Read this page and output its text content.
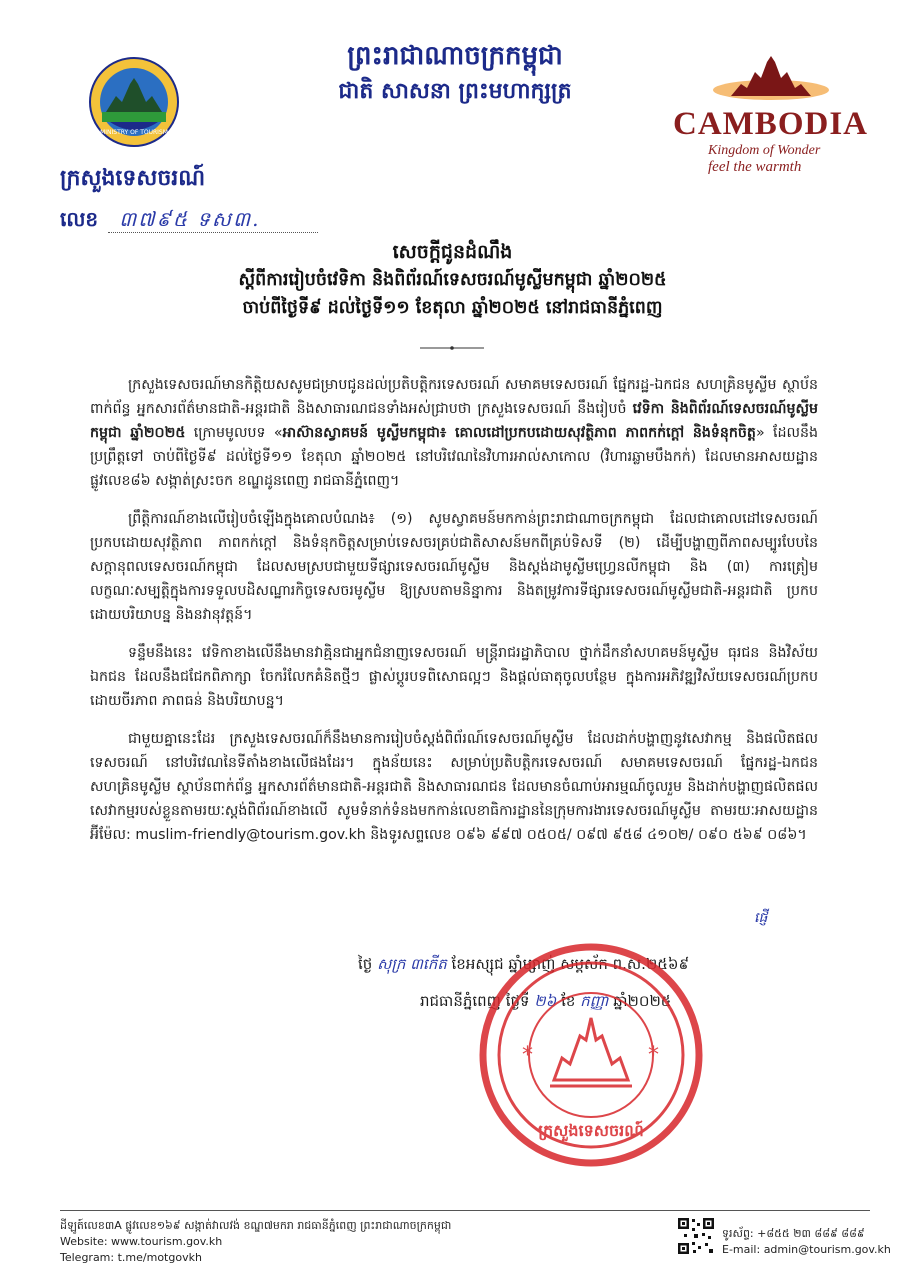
ព្រះរាជាណាចក្រកម្ពុជា
ជាតិ សាសនា ព្រះមហាក្សត្រ
MINISTRY OF TOURISM	CAMBODIA
Kingdom of Wonder
feel the warmth
ក្រសួងទេសចរណ៍
លេខ ៣៧៩៥ ទស៣.
សេចក្តីជូនដំណឹង
ស្តីពីការរៀបចំវេទិកា និងពិព័រណ៍ទេសចរណ៍មូស្លីមកម្ពុជា ឆ្នាំ២០២៥
ចាប់ពីថ្ងៃទី៩ ដល់ថ្ងៃទី១១ ខែតុលា ឆ្នាំ២០២៥ នៅរាជធានីភ្នំពេញ

ក្រសួងទេសចរណ៍មានកិត្តិយសសូមជម្រាបជូនដល់ប្រតិបត្តិករទេសចរណ៍ សមាគមទេសចរណ៍ ផ្នែករដ្ឋ-ឯកជន សហគ្រិនមូស្លីម ស្ថាប័នពាក់ព័ន្ធ អ្នកសារព័ត៌មានជាតិ-អន្តរជាតិ និងសាធារណជនទាំងអស់ជ្រាបថា ក្រសួងទេសចរណ៍ នឹងរៀបចំ វេទិកា និងពិព័រណ៍ទេសចរណ៍មូស្លីមកម្ពុជា ឆ្នាំ២០២៥ ក្រោមមូលបទ «អាស៊ានស្វាគមន៍ មូស្លីមកម្ពុជា៖ គោលដៅប្រកបដោយសុវត្ថិភាព ភាពកក់ក្តៅ និងទំនុកចិត្ត» ដែលនឹងប្រព្រឹត្តទៅ ចាប់ពីថ្ងៃទី៩ ដល់ថ្ងៃទី១១ ខែតុលា ឆ្នាំ២០២៥ នៅបរិវេណនៃវិហារអាល់សាកោល (វិហារឆ្លាមបឹងកក់) ដែលមានអាសយដ្ឋានផ្លូវលេខ៨៦ សង្កាត់ស្រះចក ខណ្ឌដូនពេញ រាជធានីភ្នំពេញ។

ព្រឹត្តិការណ៍ខាងលើរៀបចំឡើងក្នុងគោលបំណង៖ (១) សូមស្វាគមន៍មកកាន់ព្រះរាជាណាចក្រកម្ពុជា ដែលជាគោលដៅទេសចរណ៍ ប្រកបដោយសុវត្ថិភាព ភាពកក់ក្តៅ និងទំនុកចិត្តសម្រាប់ទេសចរគ្រប់ជាតិសាសន៍មកពីគ្រប់ទិសទី (២) ដើម្បីបង្ហាញពីភាពសម្បូរបែបនៃសក្តានុពលទេសចរណ៍កម្ពុជា ដែលសមស្របជាមួយទីផ្សារទេសចរណ៍មូស្លីម និងស្តង់ដាមូស្លីមហ្វ្រេនលីកម្ពុជា និង (៣) ការត្រៀមលក្ខណៈសម្បត្តិក្នុងការទទួលបដិសណ្ឋារកិច្ចទេសចរមូស្លីម ឱ្យស្របតាមនិន្នាការ និងតម្រូវការទីផ្សារទេសចរណ៍មូស្លីមជាតិ-អន្តរជាតិ ប្រកបដោយបរិយាបន្ន និងនវានុវត្តន៍។

ទន្ទឹមនឹងនេះ វេទិកាខាងលើនឹងមានវាគ្មិនជាអ្នកជំនាញទេសចរណ៍ មន្ត្រីរាជរដ្ឋាភិបាល ថ្នាក់ដឹកនាំសហគមន៍មូស្លីម ធុរជន និងវិស័យឯកជន ដែលនឹងជជែកពិភាក្សា ចែករំលែកគំនិតថ្មីៗ ផ្លាស់ប្តូរបទពិសោធល្អៗ និងផ្តល់ធាតុចូលបន្ថែម ក្នុងការអភិវឌ្ឍវិស័យទេសចរណ៍ប្រកបដោយចីរភាព ភាពធន់ និងបរិយាបន្ន។

ជាមួយគ្នានេះដែរ ក្រសួងទេសចរណ៍ក៏នឹងមានការរៀបចំស្តង់ពិព័រណ៍ទេសចរណ៍មូស្លីម ដែលដាក់បង្ហាញនូវសេវាកម្ម និងផលិតផលទេសចរណ៍ នៅបរិវេណនៃទីតាំងខាងលើផងដែរ។ ក្នុងន័យនេះ សម្រាប់ប្រតិបត្តិករទេសចរណ៍ សមាគមទេសចរណ៍ ផ្នែករដ្ឋ-ឯកជន សហគ្រិនមូស្លីម ស្ថាប័នពាក់ព័ន្ធ អ្នកសារព័ត៌មានជាតិ-អន្តរជាតិ និងសាធារណជន ដែលមានចំណាប់អារម្មណ៍ចូលរួម និងដាក់បង្ហាញផលិតផល សេវាកម្មរបស់ខ្លួនតាមរយៈស្តង់ពិព័រណ៍ខាងលើ សូមទំនាក់ទំនងមកកាន់លេខាធិការដ្ឋាននៃក្រុមការងារទេសចរណ៍មូស្លីម តាមរយៈអាសយដ្ឋានអ៊ីម៉ែល: muslim-friendly@tourism.gov.kh និងទូរសព្ទលេខ ០៩៦ ៩៩៧ ០៥០៥/ ០៩៧ ៩៥៨ ៤១០២/ ០៩០ ៥៦៩ ០៨៦។

ផ្ញើ
ថ្ងៃ សុក្រ ៣កើត ខែអស្សុជ ឆ្នាំម្សាញ់ សប្តស័ក ព.ស.២៥៦៩
រាជធានីភ្នំពេញ ថ្ងៃទី ២៦ ខែ កញ្ញា ឆ្នាំ២០២៥
*	*
ក្រសួងទេសចរណ៍
ដីឡូត៍លេខ៣A ផ្លូវលេខ១៦៩ សង្កាត់វាលវង់ ខណ្ឌ៧មករា រាជធានីភ្នំពេញ ព្រះរាជាណាចក្រកម្ពុជា
Website: www.tourism.gov.kh
Telegram: t.me/motgovkh
ទូរស័ព្ទ: +៨៥៥ ២៣ ៨៨៩ ៨៨៩
E-mail: admin@tourism.gov.kh
